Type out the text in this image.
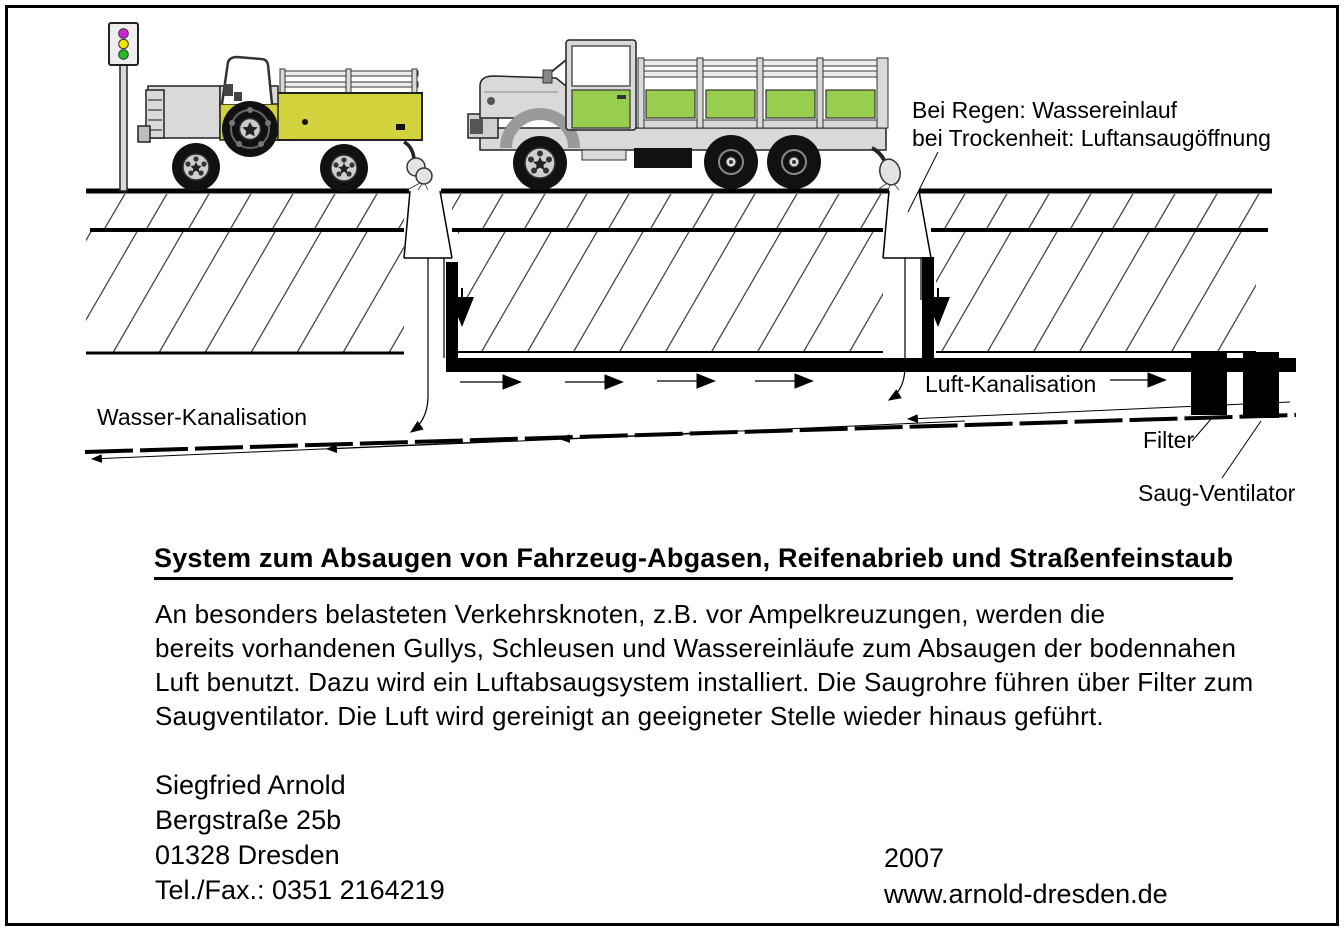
Bei Regen: Wassereinlauf
bei Trockenheit: Luftansaugöffnung
Wasser-Kanalisation
Luft-Kanalisation
Filter
Saug-Ventilator
System zum Absaugen von Fahrzeug-Abgasen, Reifenabrieb und Straßenfeinstaub
An besonders belasteten Verkehrsknoten, z.B. vor Ampelkreuzungen, werden die
bereits vorhandenen Gullys, Schleusen und Wassereinläufe zum Absaugen der bodennahen
Luft benutzt. Dazu wird ein Luftabsaugsystem installiert. Die Saugrohre führen über Filter zum
Saugventilator. Die Luft wird gereinigt an geeigneter Stelle wieder hinaus geführt.
Siegfried Arnold
Bergstraße 25b
01328 Dresden
Tel./Fax.: 0351 2164219
2007
www.arnold-dresden.de
